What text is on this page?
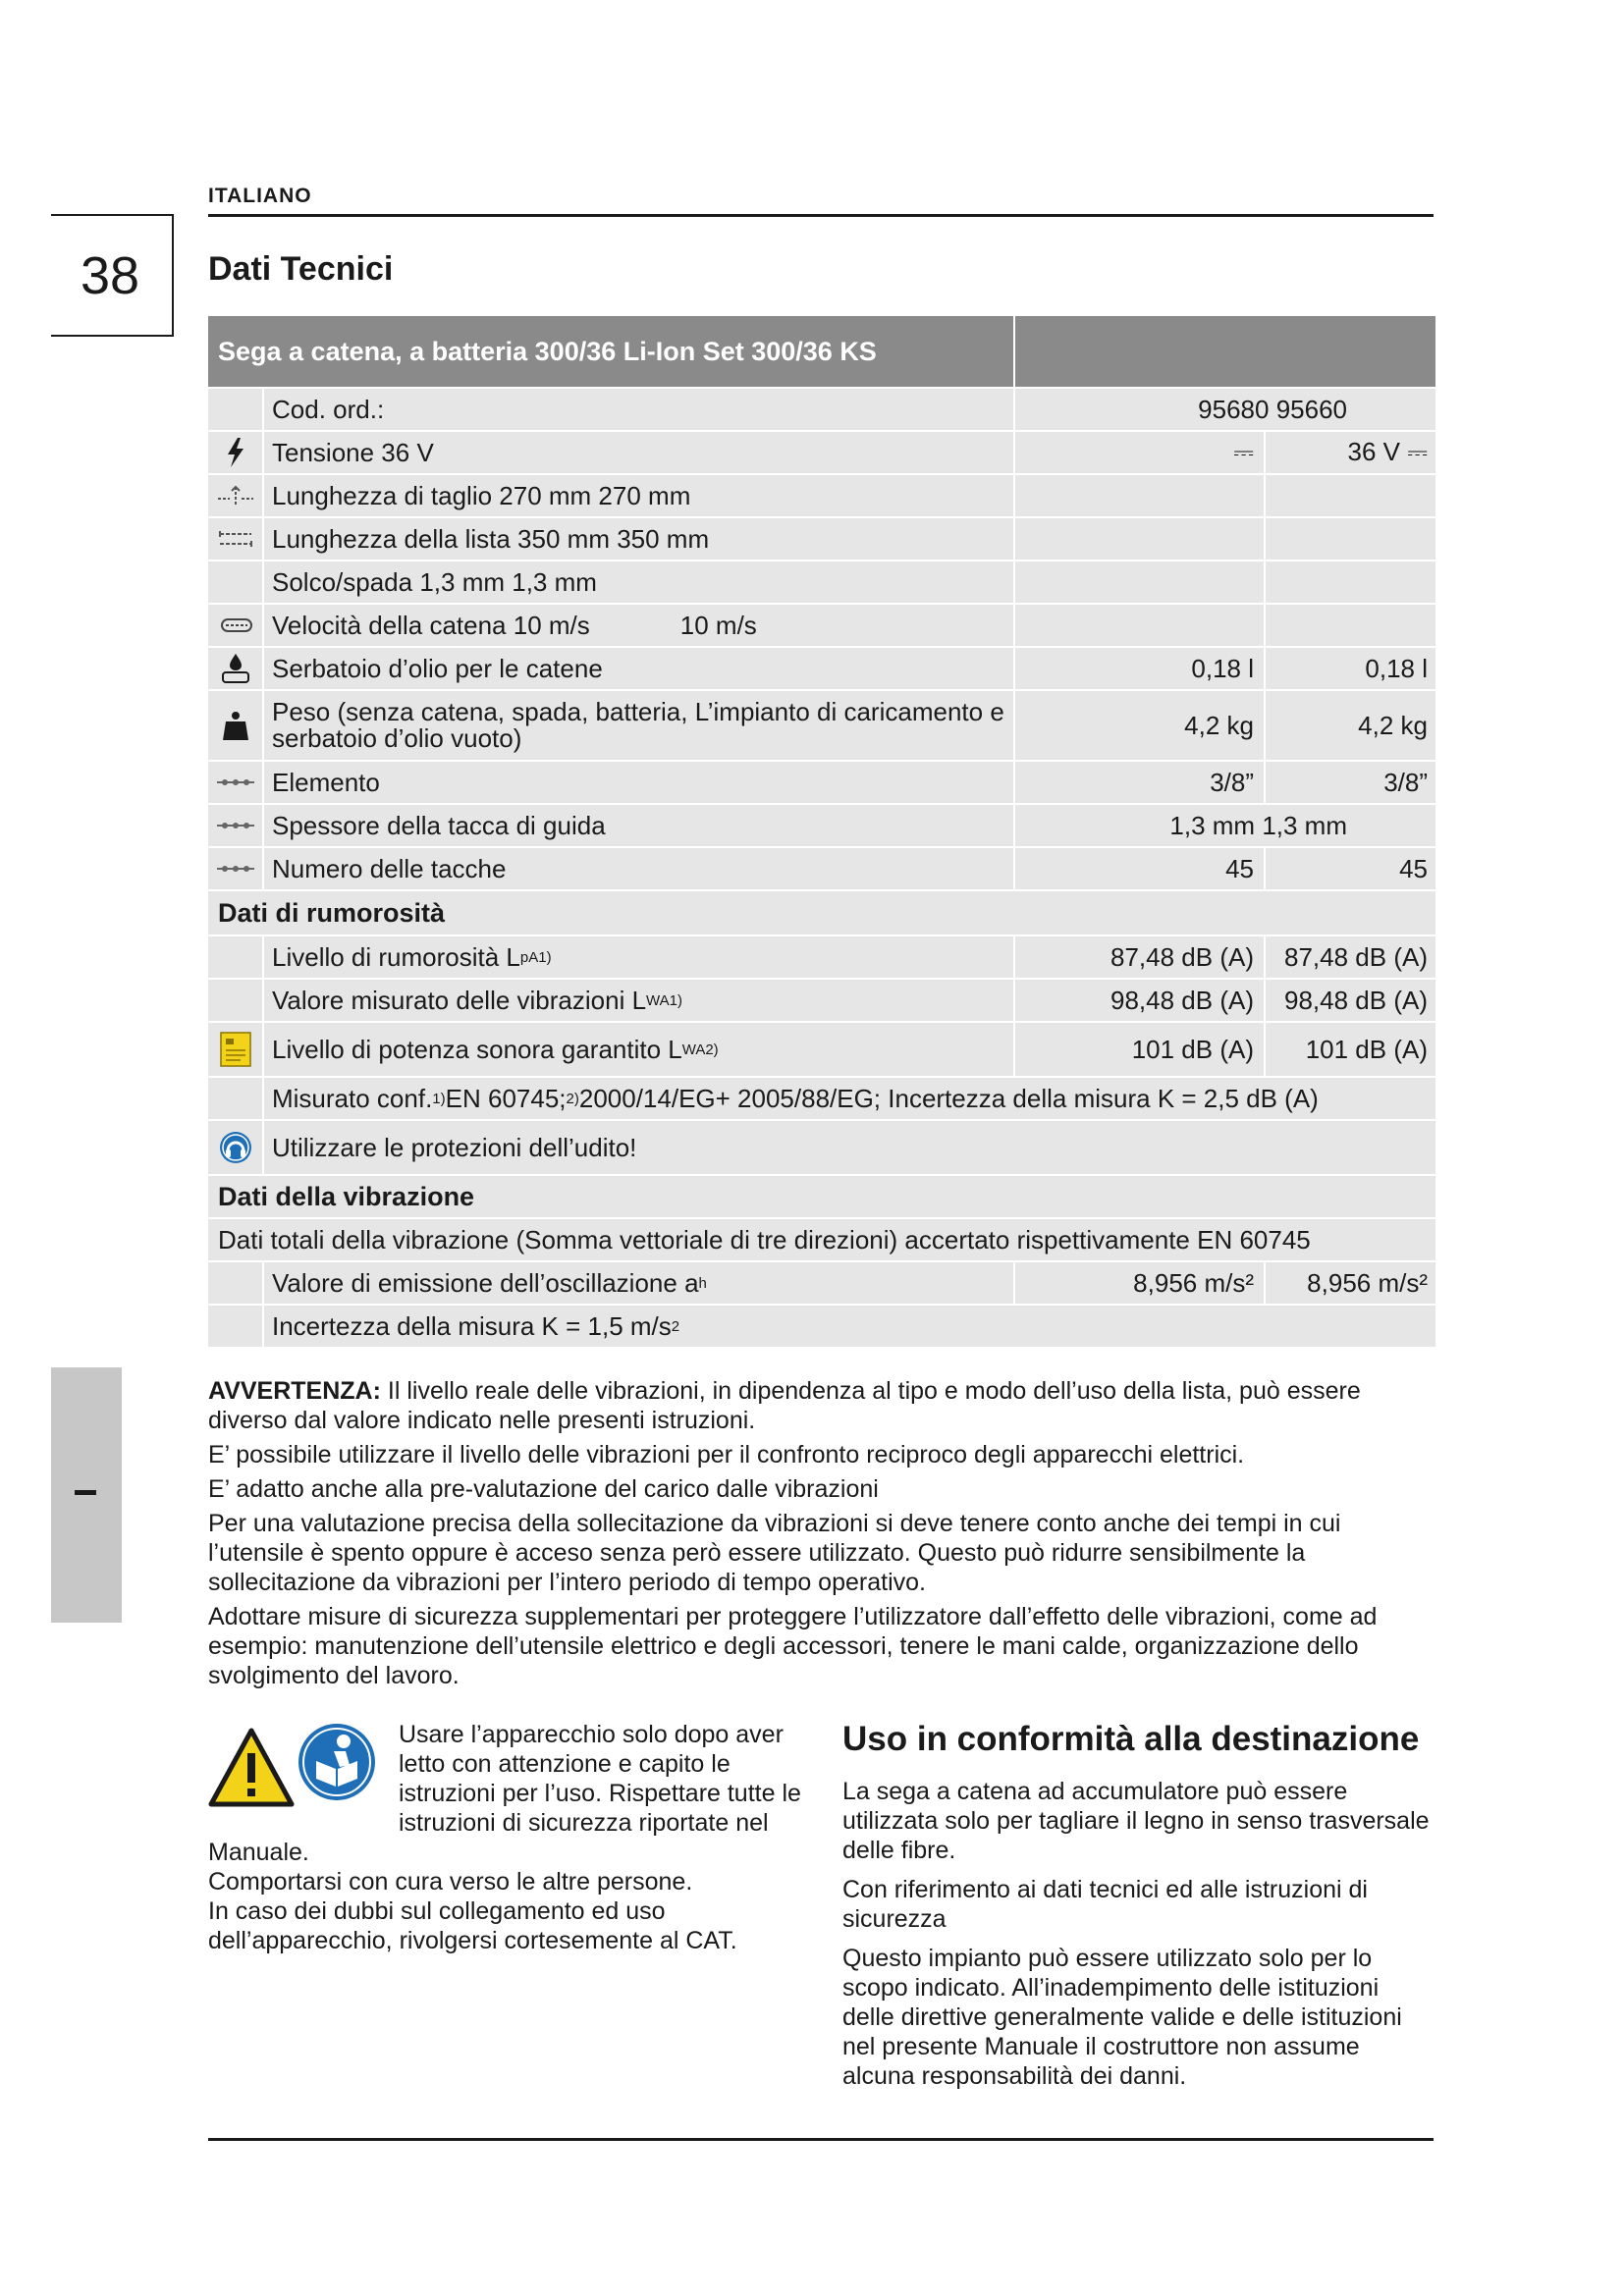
ITALIANO
38	Dati Tecnici
Sega a catena, a batteria 300/36 Li-Ion Set 300/36 KS
Cod. ord.:	95680 95660
Tensione 36 V	⎓	36 V ⎓
Lunghezza di taglio 270 mm 270 mm
Lunghezza della lista 350 mm 350 mm
Solco/spada 1,3 mm 1,3 mm
Velocità della catena 10 m/s	10 m/s
Serbatoio d’olio per le catene	0,18 l	0,18 l
Peso (senza catena, spada, batteria, L’impianto di caricamento e serbatoio d’olio vuoto)	4,2 kg	4,2 kg
Elemento	3/8”	3/8”
Spessore della tacca di guida	1,3 mm 1,3 mm
Numero delle tacche	45	45
Dati di rumorosità
Livello di rumorosità L pA 1)	87,48 dB (A)	87,48 dB (A)
Valore misurato delle vibrazioni L WA 1)	98,48 dB (A)	98,48 dB (A)
Livello di potenza sonora garantito L WA 2)	101 dB (A)	101 dB (A)
Misurato conf. 1) EN 60745; 2) 2000/14/EG+ 2005/88/EG; Incertezza della misura K = 2,5 dB (A)
Utilizzare le protezioni dell’udito!
Dati della vibrazione
Dati totali della vibrazione (Somma vettoriale di tre direzioni) accertato rispettivamente EN 60745
Valore di emissione dell’oscillazione a h	8,956 m/s²	8,956 m/s²
Incertezza della misura K = 1,5 m/s 2

AVVERTENZA: Il livello reale delle vibrazioni, in dipendenza al tipo e modo dell’uso della lista, può essere diverso dal valore indicato nelle presenti istruzioni.

E’ possibile utilizzare il livello delle vibrazioni per il confronto reciproco degli apparecchi elettrici.

E’ adatto anche alla pre-valutazione del carico dalle vibrazioni

Per una valutazione precisa della sollecitazione da vibrazioni si deve tenere conto anche dei tempi in cui l’utensile è spento oppure è acceso senza però essere utilizzato. Questo può ridurre sensibilmente la sollecitazione da vibrazioni per l’intero periodo di tempo operativo.

Adottare misure di sicurezza supplementari per proteggere l’utilizzatore dall’effetto delle vibrazioni, come ad esempio: manutenzione dell’utensile elettrico e degli accessori, tenere le mani calde, organizzazione dello svolgimento del lavoro.

Usare l’apparecchio solo dopo aver letto con attenzione e capito le istruzioni per l’uso. Rispettare tutte le istruzioni di sicurezza riportate nel Manuale.

Comportarsi con cura verso le altre persone.

In caso dei dubbi sul collegamento ed uso dell’apparecchio, rivolgersi cortesemente al CAT.

Uso in conformità alla destinazione

La sega a catena ad accumulatore può essere utilizzata solo per tagliare il legno in senso trasversale delle fibre.

Con riferimento ai dati tecnici ed alle istruzioni di sicurezza

Questo impianto può essere utilizzato solo per lo scopo indicato. All’inadempimento delle istituzioni delle direttive generalmente valide e delle istituzioni nel presente Manuale il costruttore non assume alcuna responsabilità dei danni.
